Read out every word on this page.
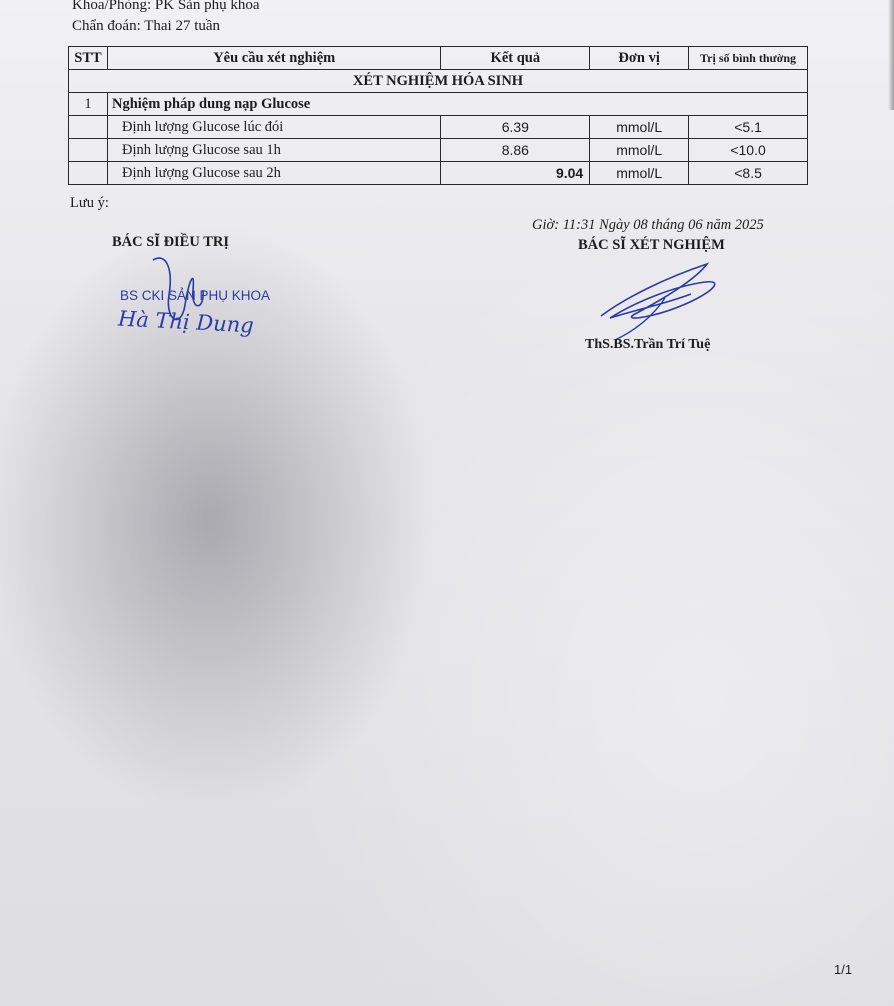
Khoa/Phòng: PK Sản phụ khoa
Chẩn đoán: Thai 27 tuần
STT	Yêu cầu xét nghiệm	Kết quả	Đơn vị	Trị số bình thường
XÉT NGHIỆM HÓA SINH				
1	Nghiệm pháp dung nạp Glucose			
	Định lượng Glucose lúc đói	6.39	mmol/L	<5.1
	Định lượng Glucose sau 1h	8.86	mmol/L	<10.0
	Định lượng Glucose sau 2h	9.04	mmol/L	<8.5
Lưu ý:
Giờ: 11:31 Ngày 08 tháng 06 năm 2025
BÁC SĨ ĐIỀU TRỊ	BÁC SĨ XÉT NGHIỆM
BS CKI SẢN PHỤ KHOA
Hà Thị Dung
ThS.BS.Trần Trí Tuệ
1/1
